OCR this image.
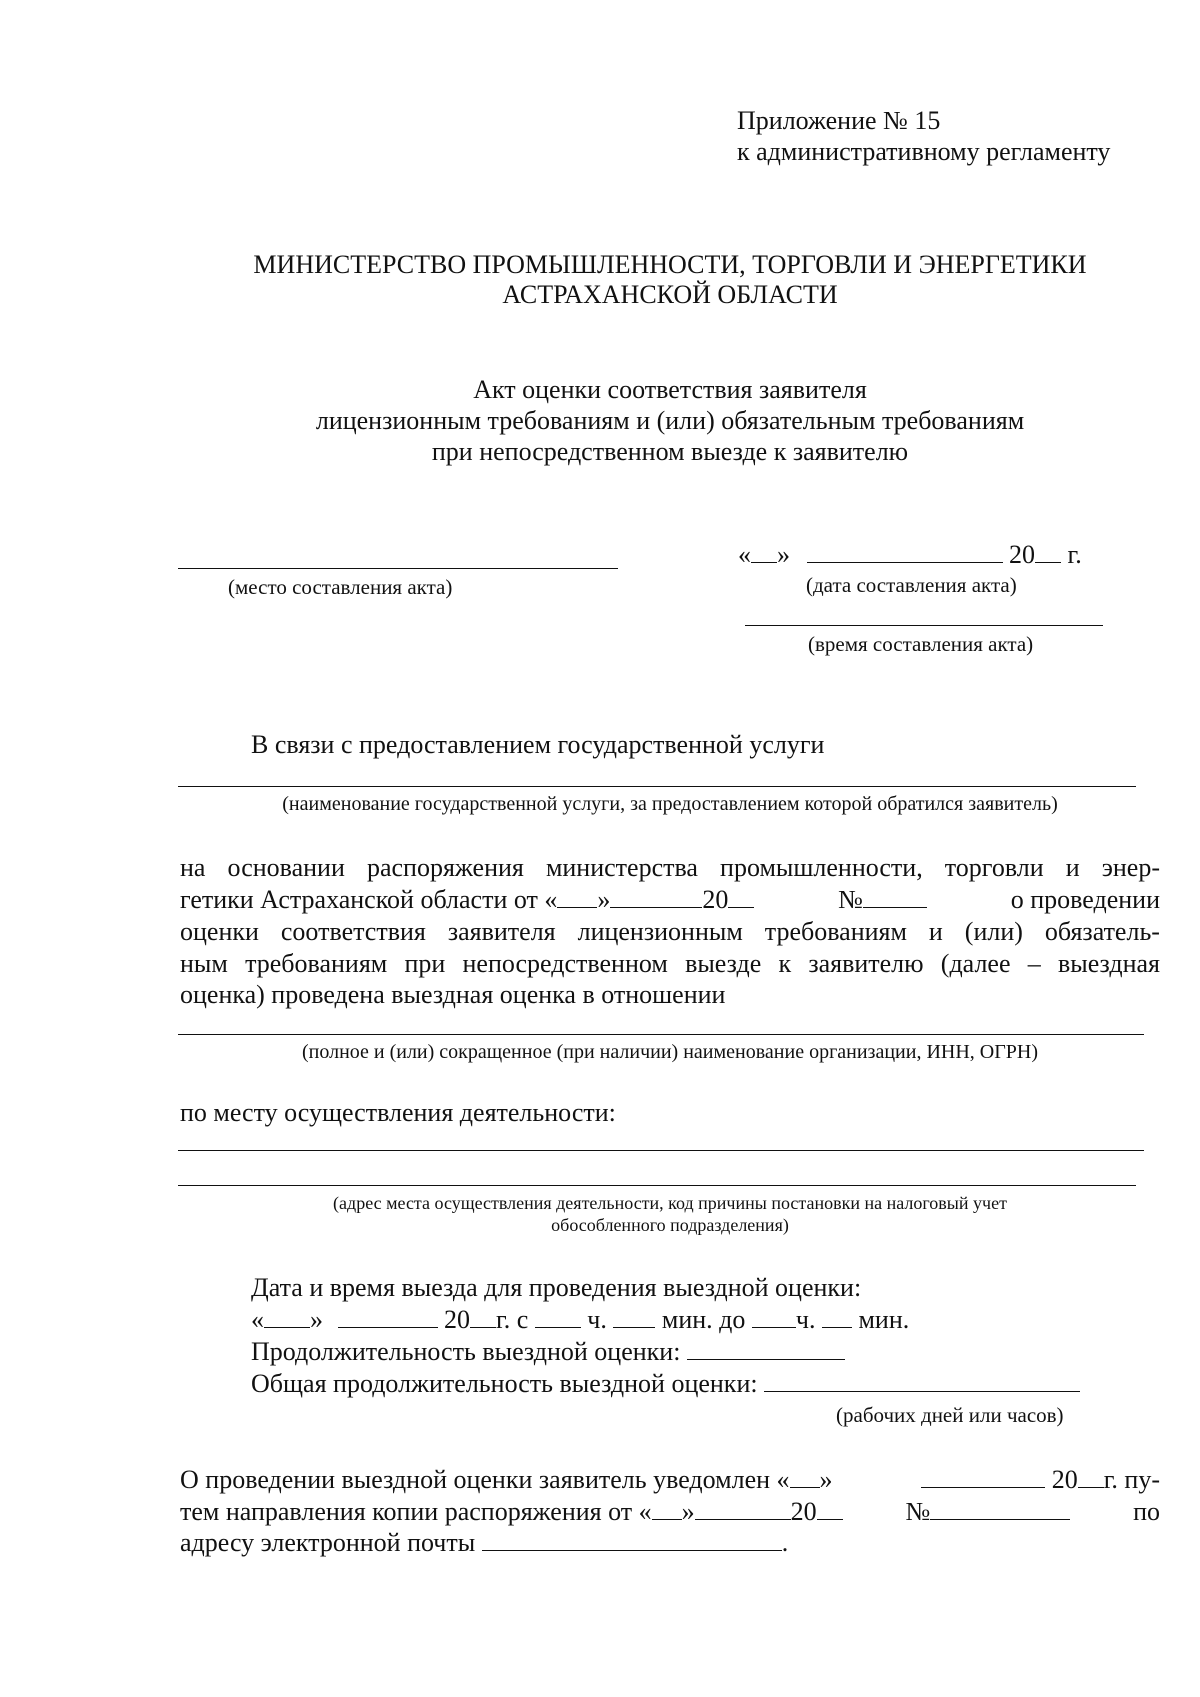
Приложение № 15
к административному регламенту
МИНИСТЕРСТВО ПРОМЫШЛЕННОСТИ, ТОРГОВЛИ И ЭНЕРГЕТИКИ
АСТРАХАНСКОЙ ОБЛАСТИ
Акт оценки соответствия заявителя
лицензионным требованиям и (или) обязательным требованиям
при непосредственном выезде к заявителю
(место составления акта)
« »	20 г.
(дата составления акта)
(время составления акта)
В связи с предоставлением государственной услуги
(наименование государственной услуги, за предоставлением которой обратился заявитель)
на основании распоряжения министерства промышленности, торговли и энер-
гетики Астраханской области от « »	20	№	о проведении
оценки соответствия заявителя лицензионным требованиям и (или) обязатель-
ным требованиям при непосредственном выезде к заявителю (далее – выездная
оценка) проведена выездная оценка в отношении
(полное и (или) сокращенное (при наличии) наименование организации, ИНН, ОГРН)
по месту осуществления деятельности:
(адрес места осуществления деятельности, код причины постановки на налоговый учет
обособленного подразделения)
Дата и время выезда для проведения выездной оценки:
« »	20 г. с ч. мин. до ч. мин.
Продолжительность выездной оценки:
Общая продолжительность выездной оценки:
(рабочих дней или часов)
О проведении выездной оценки заявитель уведомлен « »	20 г. пу-
тем направления копии распоряжения от « »	20	№	по
адресу электронной почты	.
